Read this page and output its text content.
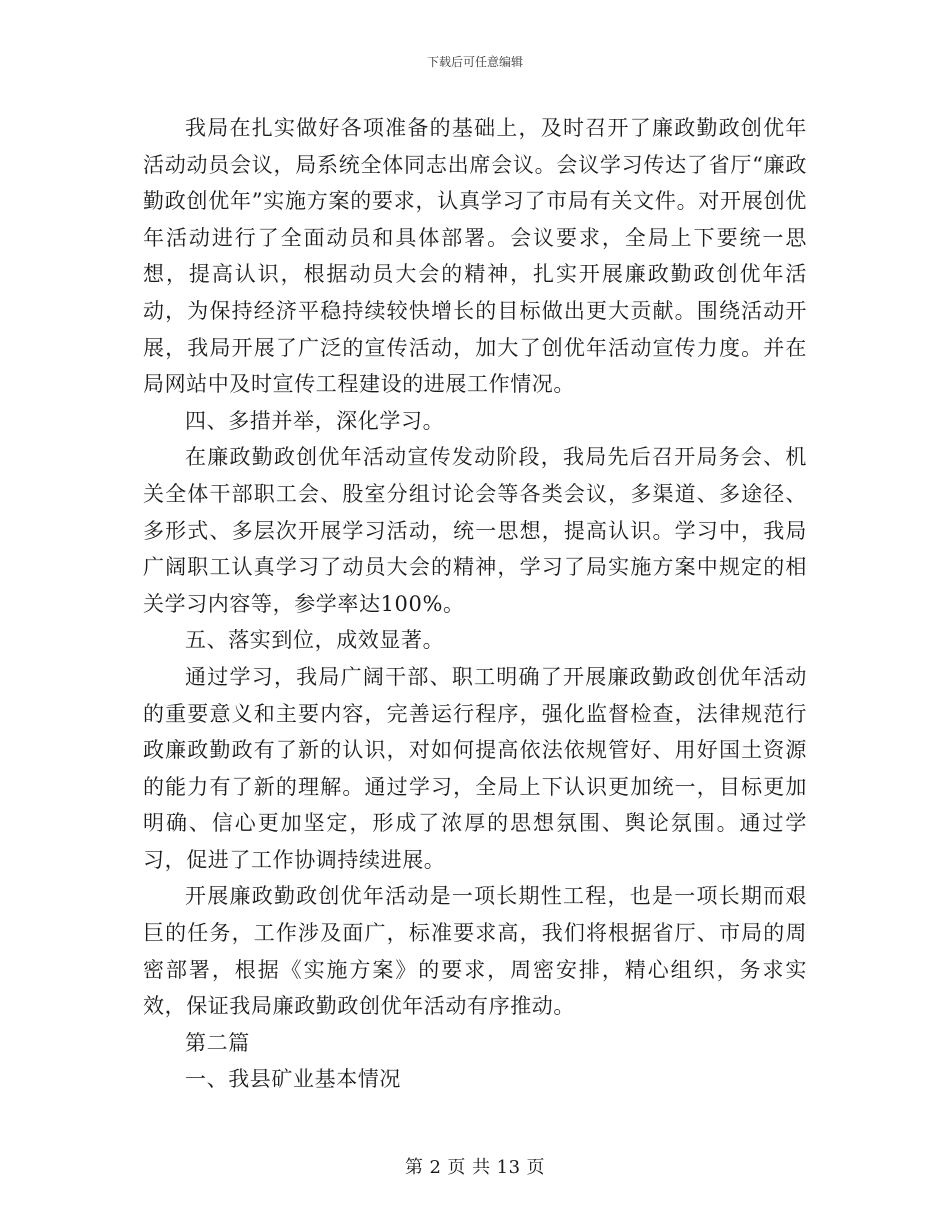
下载后可任意编辑

我局在扎实做好各项准备的基础上，及时召开了廉政勤政创优年活动动员会议，局系统全体同志出席会议。会议学习传达了省厅“廉政勤政创优年”实施方案的要求，认真学习了市局有关文件。对开展创优年活动进行了全面动员和具体部署。会议要求，全局上下要统一思想，提高认识，根据动员大会的精神，扎实开展廉政勤政创优年活动，为保持经济平稳持续较快增长的目标做出更大贡献。围绕活动开展，我局开展了广泛的宣传活动，加大了创优年活动宣传力度。并在局网站中及时宣传工程建设的进展工作情况。

四、多措并举，深化学习。

在廉政勤政创优年活动宣传发动阶段，我局先后召开局务会、机关全体干部职工会、股室分组讨论会等各类会议，多渠道、多途径、多形式、多层次开展学习活动，统一思想，提高认识。学习中，我局广阔职工认真学习了动员大会的精神，学习了局实施方案中规定的相关学习内容等，参学率达100%。

五、落实到位，成效显著。

通过学习，我局广阔干部、职工明确了开展廉政勤政创优年活动的重要意义和主要内容，完善运行程序，强化监督检查，法律规范行政廉政勤政有了新的认识，对如何提高依法依规管好、用好国土资源的能力有了新的理解。通过学习，全局上下认识更加统一，目标更加明确、信心更加坚定，形成了浓厚的思想氛围、舆论氛围。通过学习，促进了工作协调持续进展。

开展廉政勤政创优年活动是一项长期性工程，也是一项长期而艰巨的任务，工作涉及面广，标准要求高，我们将根据省厅、市局的周密部署，根据《实施方案》的要求，周密安排，精心组织，务求实效，保证我局廉政勤政创优年活动有序推动。

第二篇

一、我县矿业基本情况

第 2 页 共 13 页
